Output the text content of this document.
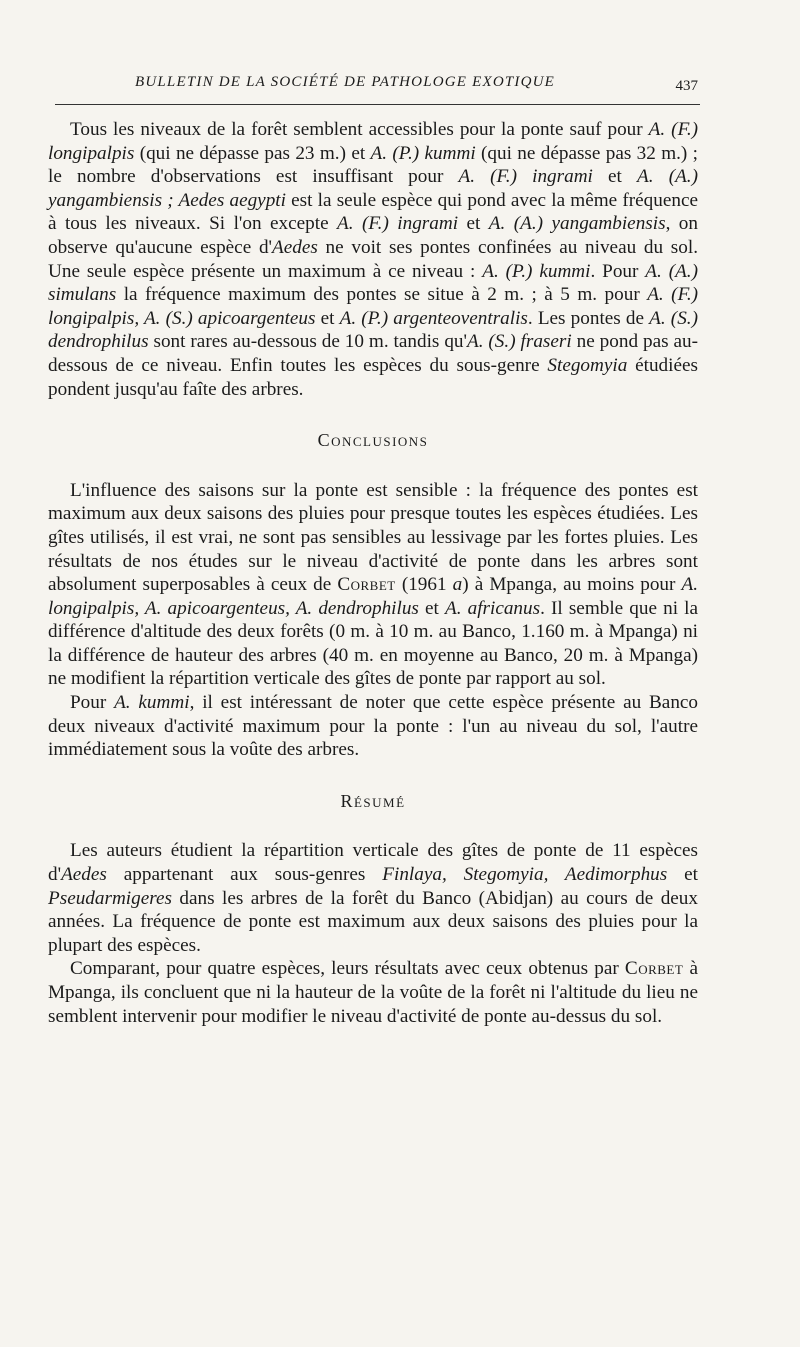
BULLETIN DE LA SOCIÉTÉ DE PATHOLOGE EXOTIQUE	437

Tous les niveaux de la forêt semblent accessibles pour la ponte sauf pour A. (F.) longipalpis (qui ne dépasse pas 23 m.) et A. (P.) kummi (qui ne dépasse pas 32 m.) ; le nombre d'observations est insuffisant pour A. (F.) ingrami et A. (A.) yangambiensis ; Aedes aegypti est la seule espèce qui pond avec la même fréquence à tous les niveaux. Si l'on excepte A. (F.) ingrami et A. (A.) yangambiensis, on observe qu'aucune espèce d'Aedes ne voit ses pontes confinées au niveau du sol. Une seule espèce présente un maximum à ce niveau : A. (P.) kummi. Pour A. (A.) simulans la fréquence maximum des pontes se situe à 2 m. ; à 5 m. pour A. (F.) longipalpis, A. (S.) apicoargenteus et A. (P.) argenteoventralis. Les pontes de A. (S.) dendrophilus sont rares au-dessous de 10 m. tandis qu'A. (S.) fraseri ne pond pas au-dessous de ce niveau. Enfin toutes les espèces du sous-genre Stegomyia étudiées pondent jusqu'au faîte des arbres.

Conclusions

L'influence des saisons sur la ponte est sensible : la fréquence des pontes est maximum aux deux saisons des pluies pour presque toutes les espèces étudiées. Les gîtes utilisés, il est vrai, ne sont pas sensibles au lessivage par les fortes pluies. Les résultats de nos études sur le niveau d'activité de ponte dans les arbres sont absolument superposables à ceux de Corbet (1961 a) à Mpanga, au moins pour A. longipalpis, A. apicoargenteus, A. dendrophilus et A. africanus. Il semble que ni la différence d'altitude des deux forêts (0 m. à 10 m. au Banco, 1.160 m. à Mpanga) ni la différence de hauteur des arbres (40 m. en moyenne au Banco, 20 m. à Mpanga) ne modifient la répartition verticale des gîtes de ponte par rapport au sol.

Pour A. kummi, il est intéressant de noter que cette espèce présente au Banco deux niveaux d'activité maximum pour la ponte : l'un au niveau du sol, l'autre immédiatement sous la voûte des arbres.

Résumé

Les auteurs étudient la répartition verticale des gîtes de ponte de 11 espèces d'Aedes appartenant aux sous-genres Finlaya, Stegomyia, Aedimorphus et Pseudarmigeres dans les arbres de la forêt du Banco (Abidjan) au cours de deux années. La fréquence de ponte est maximum aux deux saisons des pluies pour la plupart des espèces.

Comparant, pour quatre espèces, leurs résultats avec ceux obtenus par Corbet à Mpanga, ils concluent que ni la hauteur de la voûte de la forêt ni l'altitude du lieu ne semblent intervenir pour modifier le niveau d'activité de ponte au-dessus du sol.
